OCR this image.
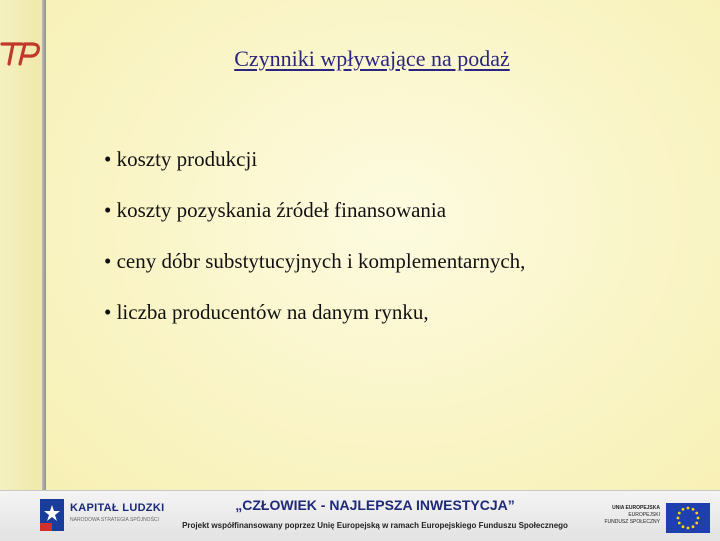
Czynniki wpływające na podaż
• koszty produkcji
• koszty pozyskania źródeł finansowania
• ceny dóbr substytucyjnych i komplementarnych,
• liczba producentów na danym rynku,
KAPITAŁ LUDZKI
NARODOWA STRATEGIA SPÓJNOŚCI
„CZŁOWIEK - NAJLEPSZA INWESTYCJA”
Projekt współfinansowany poprzez Unię Europejską w ramach Europejskiego Funduszu Społecznego
UNIA EUROPEJSKA
EUROPEJSKI
FUNDUSZ SPOŁECZNY
